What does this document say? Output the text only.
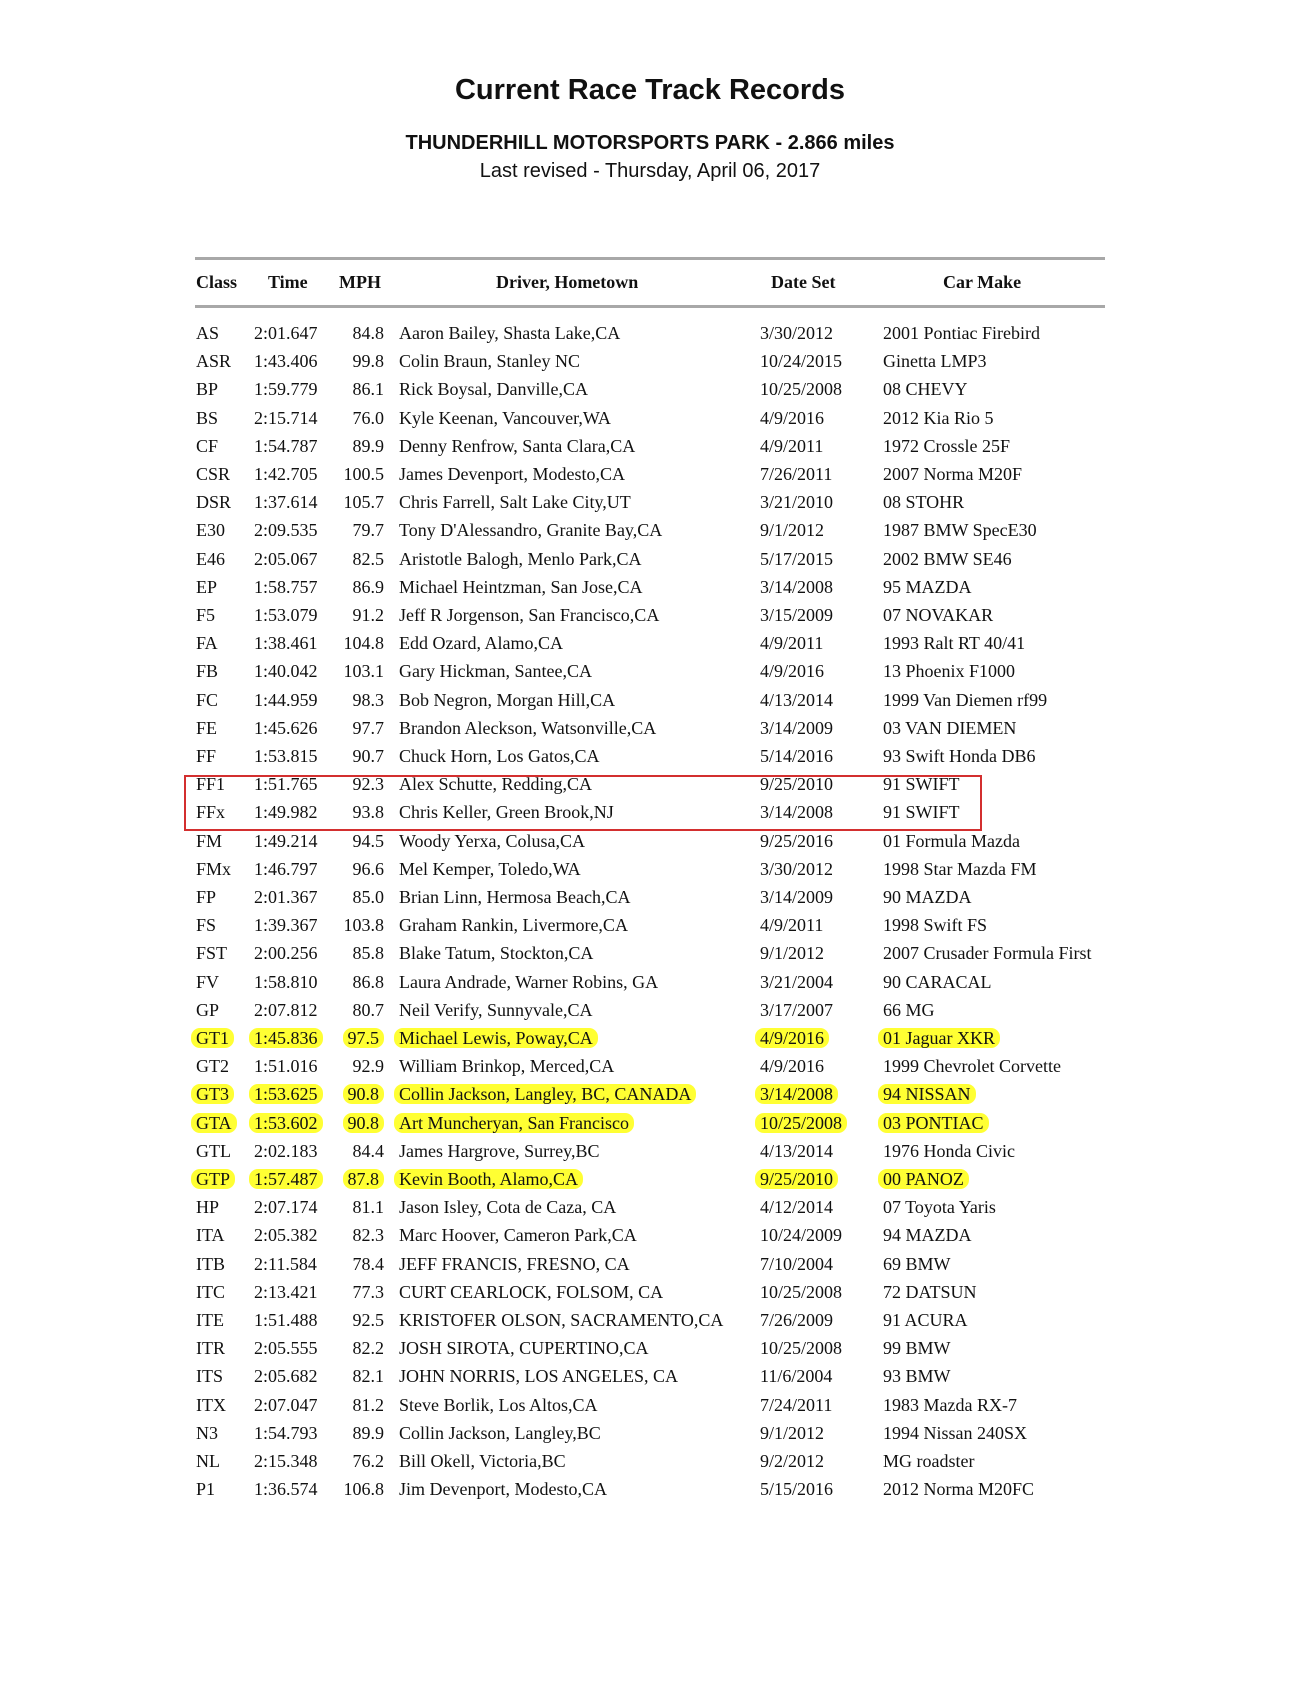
Current Race Track Records
THUNDERHILL MOTORSPORTS PARK - 2.866 miles
Last revised - Thursday, April 06, 2017
Class Time MPH	Driver, Hometown	Date Set	Car Make
AS 2:01.647	84.8 Aaron Bailey, Shasta Lake,CA	3/30/2012	2001 Pontiac Firebird
ASR 1:43.406	99.8 Colin Braun, Stanley NC	10/24/2015 Ginetta LMP3
BP 1:59.779	86.1 Rick Boysal, Danville,CA	10/25/2008 08 CHEVY
BS 2:15.714	76.0 Kyle Keenan, Vancouver,WA	4/9/2016	2012 Kia Rio 5
CF 1:54.787	89.9 Denny Renfrow, Santa Clara,CA	4/9/2011	1972 Crossle 25F
CSR 1:42.705 100.5 James Devenport, Modesto,CA	7/26/2011	2007 Norma M20F
DSR 1:37.614 105.7 Chris Farrell, Salt Lake City,UT	3/21/2010	08 STOHR
E30 2:09.535	79.7 Tony D'Alessandro, Granite Bay,CA	9/1/2012	1987 BMW SpecE30
E46 2:05.067	82.5 Aristotle Balogh, Menlo Park,CA	5/17/2015	2002 BMW SE46
EP 1:58.757	86.9 Michael Heintzman, San Jose,CA	3/14/2008	95 MAZDA
F5 1:53.079	91.2 Jeff R Jorgenson, San Francisco,CA	3/15/2009	07 NOVAKAR
FA 1:38.461 104.8 Edd Ozard, Alamo,CA	4/9/2011	1993 Ralt RT 40/41
FB 1:40.042 103.1 Gary Hickman, Santee,CA	4/9/2016	13 Phoenix F1000
FC 1:44.959	98.3 Bob Negron, Morgan Hill,CA	4/13/2014	1999 Van Diemen rf99
FE 1:45.626	97.7 Brandon Aleckson, Watsonville,CA	3/14/2009	03 VAN DIEMEN
FF 1:53.815	90.7 Chuck Horn, Los Gatos,CA	5/14/2016	93 Swift Honda DB6
FF1 1:51.765	92.3 Alex Schutte, Redding,CA	9/25/2010	91 SWIFT
FFx 1:49.982	93.8 Chris Keller, Green Brook,NJ	3/14/2008	91 SWIFT
FM 1:49.214	94.5 Woody Yerxa, Colusa,CA	9/25/2016	01 Formula Mazda
FMx 1:46.797	96.6 Mel Kemper, Toledo,WA	3/30/2012	1998 Star Mazda FM
FP 2:01.367	85.0 Brian Linn, Hermosa Beach,CA	3/14/2009	90 MAZDA
FS 1:39.367 103.8 Graham Rankin, Livermore,CA	4/9/2011	1998 Swift FS
FST 2:00.256	85.8 Blake Tatum, Stockton,CA	9/1/2012	2007 Crusader Formula First
FV 1:58.810	86.8 Laura Andrade, Warner Robins, GA	3/21/2004	90 CARACAL
GP 2:07.812	80.7 Neil Verify, Sunnyvale,CA	3/17/2007	66 MG
GT1 1:45.836	97.5 Michael Lewis, Poway,CA	4/9/2016	01 Jaguar XKR
GT2 1:51.016	92.9 William Brinkop, Merced,CA	4/9/2016	1999 Chevrolet Corvette
GT3 1:53.625	90.8 Collin Jackson, Langley, BC, CANADA	3/14/2008	94 NISSAN
GTA 1:53.602	90.8 Art Muncheryan, San Francisco	10/25/2008 03 PONTIAC
GTL 2:02.183	84.4 James Hargrove, Surrey,BC	4/13/2014	1976 Honda Civic
GTP 1:57.487	87.8 Kevin Booth, Alamo,CA	9/25/2010	00 PANOZ
HP 2:07.174	81.1 Jason Isley, Cota de Caza, CA	4/12/2014	07 Toyota Yaris
ITA 2:05.382	82.3 Marc Hoover, Cameron Park,CA	10/24/2009 94 MAZDA
ITB 2:11.584	78.4 JEFF FRANCIS, FRESNO, CA	7/10/2004	69 BMW
ITC 2:13.421	77.3 CURT CEARLOCK, FOLSOM, CA	10/25/2008 72 DATSUN
ITE 1:51.488	92.5 KRISTOFER OLSON, SACRAMENTO,CA 7/26/2009	91 ACURA
ITR 2:05.555	82.2 JOSH SIROTA, CUPERTINO,CA	10/25/2008 99 BMW
ITS 2:05.682	82.1 JOHN NORRIS, LOS ANGELES, CA	11/6/2004	93 BMW
ITX 2:07.047	81.2 Steve Borlik, Los Altos,CA	7/24/2011	1983 Mazda RX-7
N3 1:54.793	89.9 Collin Jackson, Langley,BC	9/1/2012	1994 Nissan 240SX
NL 2:15.348	76.2 Bill Okell, Victoria,BC	9/2/2012	MG roadster
P1 1:36.574 106.8 Jim Devenport, Modesto,CA	5/15/2016	2012 Norma M20FC
